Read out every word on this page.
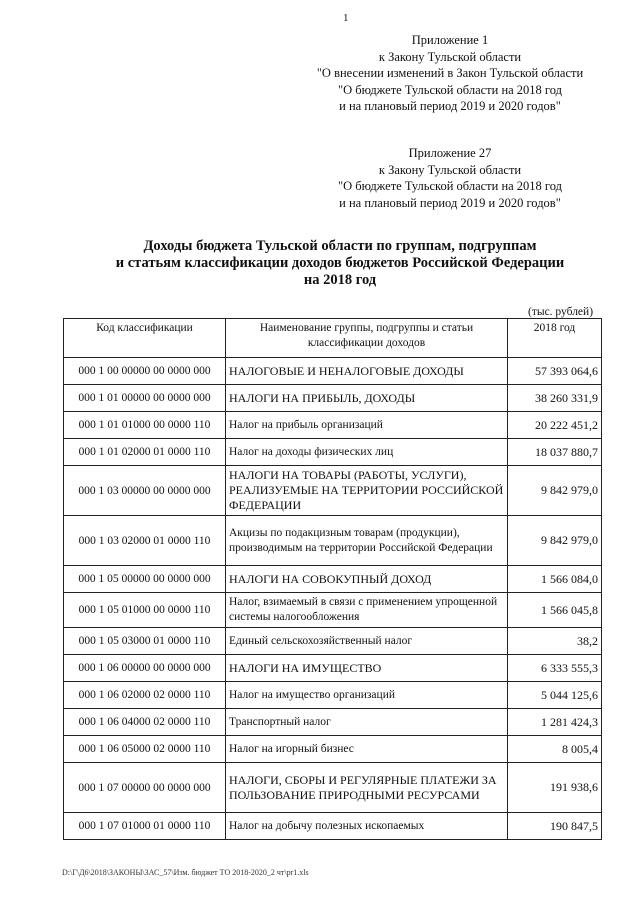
1
Приложение 1
к Закону Тульской области
"О внесении изменений в Закон Тульской области
"О бюджете Тульской области на 2018 год
и на плановый период 2019 и 2020 годов"
Приложение 27
к Закону Тульской области
"О бюджете Тульской области на 2018 год
и на плановый период 2019 и 2020 годов"
Доходы бюджета Тульской области по группам, подгруппам
и статьям классификации доходов бюджетов Российской Федерации
на 2018 год
(тыс. рублей)
Код классификации	Наименование группы, подгруппы и статьи классификации доходов	2018 год
000 1 00 00000 00 0000 000	НАЛОГОВЫЕ И НЕНАЛОГОВЫЕ ДОХОДЫ	57 393 064,6
000 1 01 00000 00 0000 000	НАЛОГИ НА ПРИБЫЛЬ, ДОХОДЫ	38 260 331,9
000 1 01 01000 00 0000 110	Налог на прибыль организаций	20 222 451,2
000 1 01 02000 01 0000 110	Налог на доходы физических лиц	18 037 880,7
000 1 03 00000 00 0000 000	НАЛОГИ НА ТОВАРЫ (РАБОТЫ, УСЛУГИ), РЕАЛИЗУЕМЫЕ НА ТЕРРИТОРИИ РОССИЙСКОЙ ФЕДЕРАЦИИ	9 842 979,0
000 1 03 02000 01 0000 110	Акцизы по подакцизным товарам (продукции), производимым на территории Российской Федерации	9 842 979,0
000 1 05 00000 00 0000 000	НАЛОГИ НА СОВОКУПНЫЙ ДОХОД	1 566 084,0
000 1 05 01000 00 0000 110	Налог, взимаемый в связи с применением упрощенной системы налогообложения	1 566 045,8
000 1 05 03000 01 0000 110	Единый сельскохозяйственный налог	38,2
000 1 06 00000 00 0000 000	НАЛОГИ НА ИМУЩЕСТВО	6 333 555,3
000 1 06 02000 02 0000 110	Налог на имущество организаций	5 044 125,6
000 1 06 04000 02 0000 110	Транспортный налог	1 281 424,3
000 1 06 05000 02 0000 110	Налог на игорный бизнес	8 005,4
000 1 07 00000 00 0000 000	НАЛОГИ, СБОРЫ И РЕГУЛЯРНЫЕ ПЛАТЕЖИ ЗА ПОЛЬЗОВАНИЕ ПРИРОДНЫМИ РЕСУРСАМИ	191 938,6
000 1 07 01000 01 0000 110	Налог на добычу полезных ископаемых	190 847,5
D:\Г\Д6\2018\ЗАКОНЫ\ЗАС_57\Изм. бюджет ТО 2018-2020_2 чт\pr1.xls
